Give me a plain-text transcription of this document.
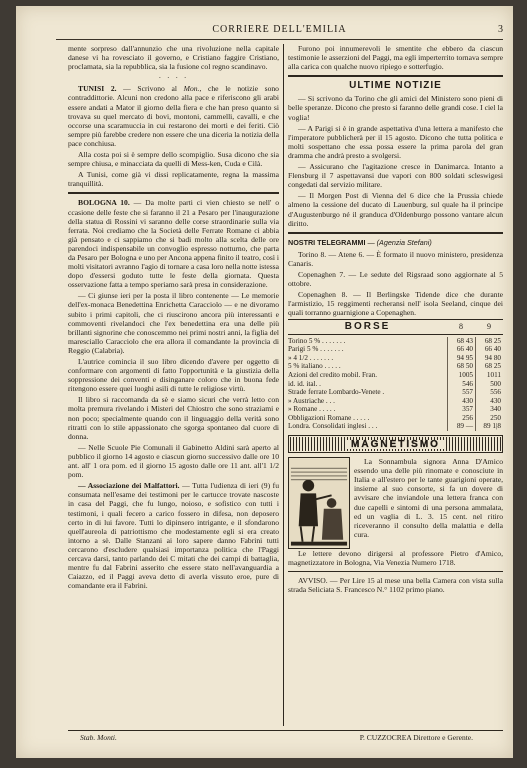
CORRIERE DELL'EMILIA	3
mente sorpreso dall'annunzio che una rivoluzione nella capitale danese vi ha rovesciato il governo, e Cristiano faggire Cristiano, proclamata, sia la repubblica, sia la fusione col regno scandinavo.
· · · ·
TUNISI 2. — Scrivono al Mon., che le notizie sono contraddittorie. Alcuni non credono alla pace e riferiscono gli arabi essere andati a Mator il giorno della fiera e che han preso quanto si trovava su quel mercato di bovi, montoni, cammelli, cavalli, e che occorse una scaramuccia in cui restarono dei morti e dei feriti. Ciò sempre più farebbe credere non essere che una diceria la notizia della pace conchiusa.
Alla costa poi si è sempre dello scompiglio. Susa dicono che sia sempre chiusa, e minacciata da quelli di Mess-ken, Cuda e Cilà.
A Tunisi, come già vi dissi replicatamente, regna la massima tranquillità.
BOLOGNA 10. — Da molte parti ci vien chiesto se nell' o ccasione delle feste che si faranno il 21 a Pesaro per l'inaugurazione della statua di Rossini vi saranno delle corse straordinarie sulla via ferrata. Noi crediamo che la Società delle Ferrate Romane ci abbia già pensato e ci sappiamo che si badi molto alla scelta delle ore parendoci indispensabile un convoglio espresso notturno, che parta da Pesaro per Bologna e uno per Ancona appena finito il teatro, così i molti visitatori avranno l'agio di tornare a casa loro nella notte istessa dopo d'essersi goduto tutte le feste della giornata. Questa osservazione fatta a tempo speriamo sarà presa in considerazione.
— Ci giunse ieri per la posta il libro contenente — Le memorie dell'ex-monaca Benedettina Enrichetta Caracciolo — e ne divoramo subito i primi capitoli, che ci riuscirono ancora più interessanti e commoventi rivelandoci che l'ex benedettina era una delle più brillanti signorine che conoscemmo nei primi nostri anni, la figlia del maresciallo Caracciolo che era allora il comandante la provincia di Reggio (Calabria).
L'autrice comincia il suo libro dicendo d'avere per oggetto di conformare con argomenti di fatto l'opportunità e la giustizia della soppressione dei conventi e disinganare coloro che in buona fede ritengono essere quei luoghi asili di tutte le religiose virtù.
Il libro si raccomanda da sè e siamo sicuri che verrà letto con molta premura rivelando i Misteri del Chiostro che sono straziami e non poco; specialmente quando con il linguaggio della verità sono ritratti con lo stile appassionato che sgorga spontaneo dal cuore di donna.
— Nelle Scuole Pie Comunali il Gabinetto Aldini sarà aperto al pubblico il giorno 14 agosto e ciascun giorno successivo dalle ore 10 ant. all' 1 ora pom. ed il giorno 15 agosto dalle ore 11 ant. all'1 1/2 pom.
— Associazione dei Malfattori. — Tutta l'udienza di ieri (9) fu consumata nell'esame dei testimoni per le cartucce trovate nascoste in casa del Paggi, che fu lungo, noioso, e sofistico con tutti i testimoni, i quali fecero a carico fossero in difesa, non deposero certo in di lui favore. Tutti lo dipinsero intrigante, e il sfondarono quell'aureola di patriottismo che modestamente egli si era creato intorno a sè. Dalle Stanzani ai loro sapere danno Fabrini tutti cercarono d'escludere qualsiasi importanza politica che l'Paggi cercava darsi, tanto parlando dei C mitati che dei campi di battaglia, mentre fu dal Fabrini asserito che essere stato nell'avanguardia a Caiazzo, ed il Paggi aveva detto di averla vissuto eroe, pure di comandante era il Fabrini.
Furono poi innumerevoli le smentite che ebbero da ciascun testimonie le asserzioni del Paggi, ma egli imperterrito tornava sempre alla carica con qualche nuovo ripiego e sotterfugio.
ULTIME NOTIZIE
— Si scrivono da Torino che gli amici del Ministero sono pieni di belle speranze. Dicono che presto si faranno delle grandi cose. I ciel la voglia!
— A Parigi si è in grande aspettativa d'una lettera a manifesto che l'imperatore pubblicherà per il 15 agosto. Dicono che tutta politica e molti sospettano che essa possa essere la prima parola del gran dramma che andrà presto a svolgersi.
— Assicurano che l'agitazione cresce in Danimarca. Intanto a Flensburg il 7 aspettavansi due vapori con 800 soldati scleswigesi congedati dal servizio militare.
— Il Morgen Post di Vienna del 6 dice che la Prussia chiede almeno la cessione del ducato di Lauenburg, sul quale ha il principe d'Augustenburgo né il granduca d'Oldenburgo possono vantare alcun diritto.
NOSTRI TELEGRAMMI — (Agenzia Stefani)
Torino 8. — Atene 6. — È formato il nuovo ministero, presidenza Canaris.
Copenaghen 7. — Le sedute del Rigsraad sono aggiornate al 5 ottobre.
Copenaghen 8. — Il Berlingske Tidende dice che durante l'armistizio, 15 reggimenti recheransi nell' isola Seeland, cinque dei quali torranno guarnigione a Copenaghen.
BORSE	8	9
Torino 5 % . . . . . . .	68 43	68 25
Parigi 5 % . . . . . . .	66 40	66 40
» 4 1/2 . . . . . . .	94 95	94 80
5 % italiano . . . . .	68 50	68 25
Azioni del credito mobil. Fran.	1005	1011
id. id. ital. .	546	500
Strade ferrate Lombardo-Venete .	557	556
» Austriache . . .	430	430
» Romane . . . . .	357	340
Obbligazioni Romane . . . . .	256	250
Londra. Consolidati inglesi . . .	89 —	89 1|8
MAGNETISMO
La Sonnambula signora Anna D'Amico essendo una delle più rinomate e conosciute in Italia e all'estero per le tante guarigioni operate, insieme al suo consorte, si fa un dovere di avvisare che inviandole una lettera franca con due capelli e sintomi di una persona ammalata, ed un vaglia di L. 3. 15 cent. nel ritiro riceveranno il consulto della malattia e della cura.
Le lettere devono dirigersi al professore Pietro d'Amico, magnetizzatore in Bologna, Via Venezia Numero 1718.
AVVISO. — Per Lire 15 al mese una bella Camera con vista sulla strada Seliciata S. Francesco N.° 1102 primo piano.
Stab. Monti.	P. CUZZOCREA Direttore e Gerente.
